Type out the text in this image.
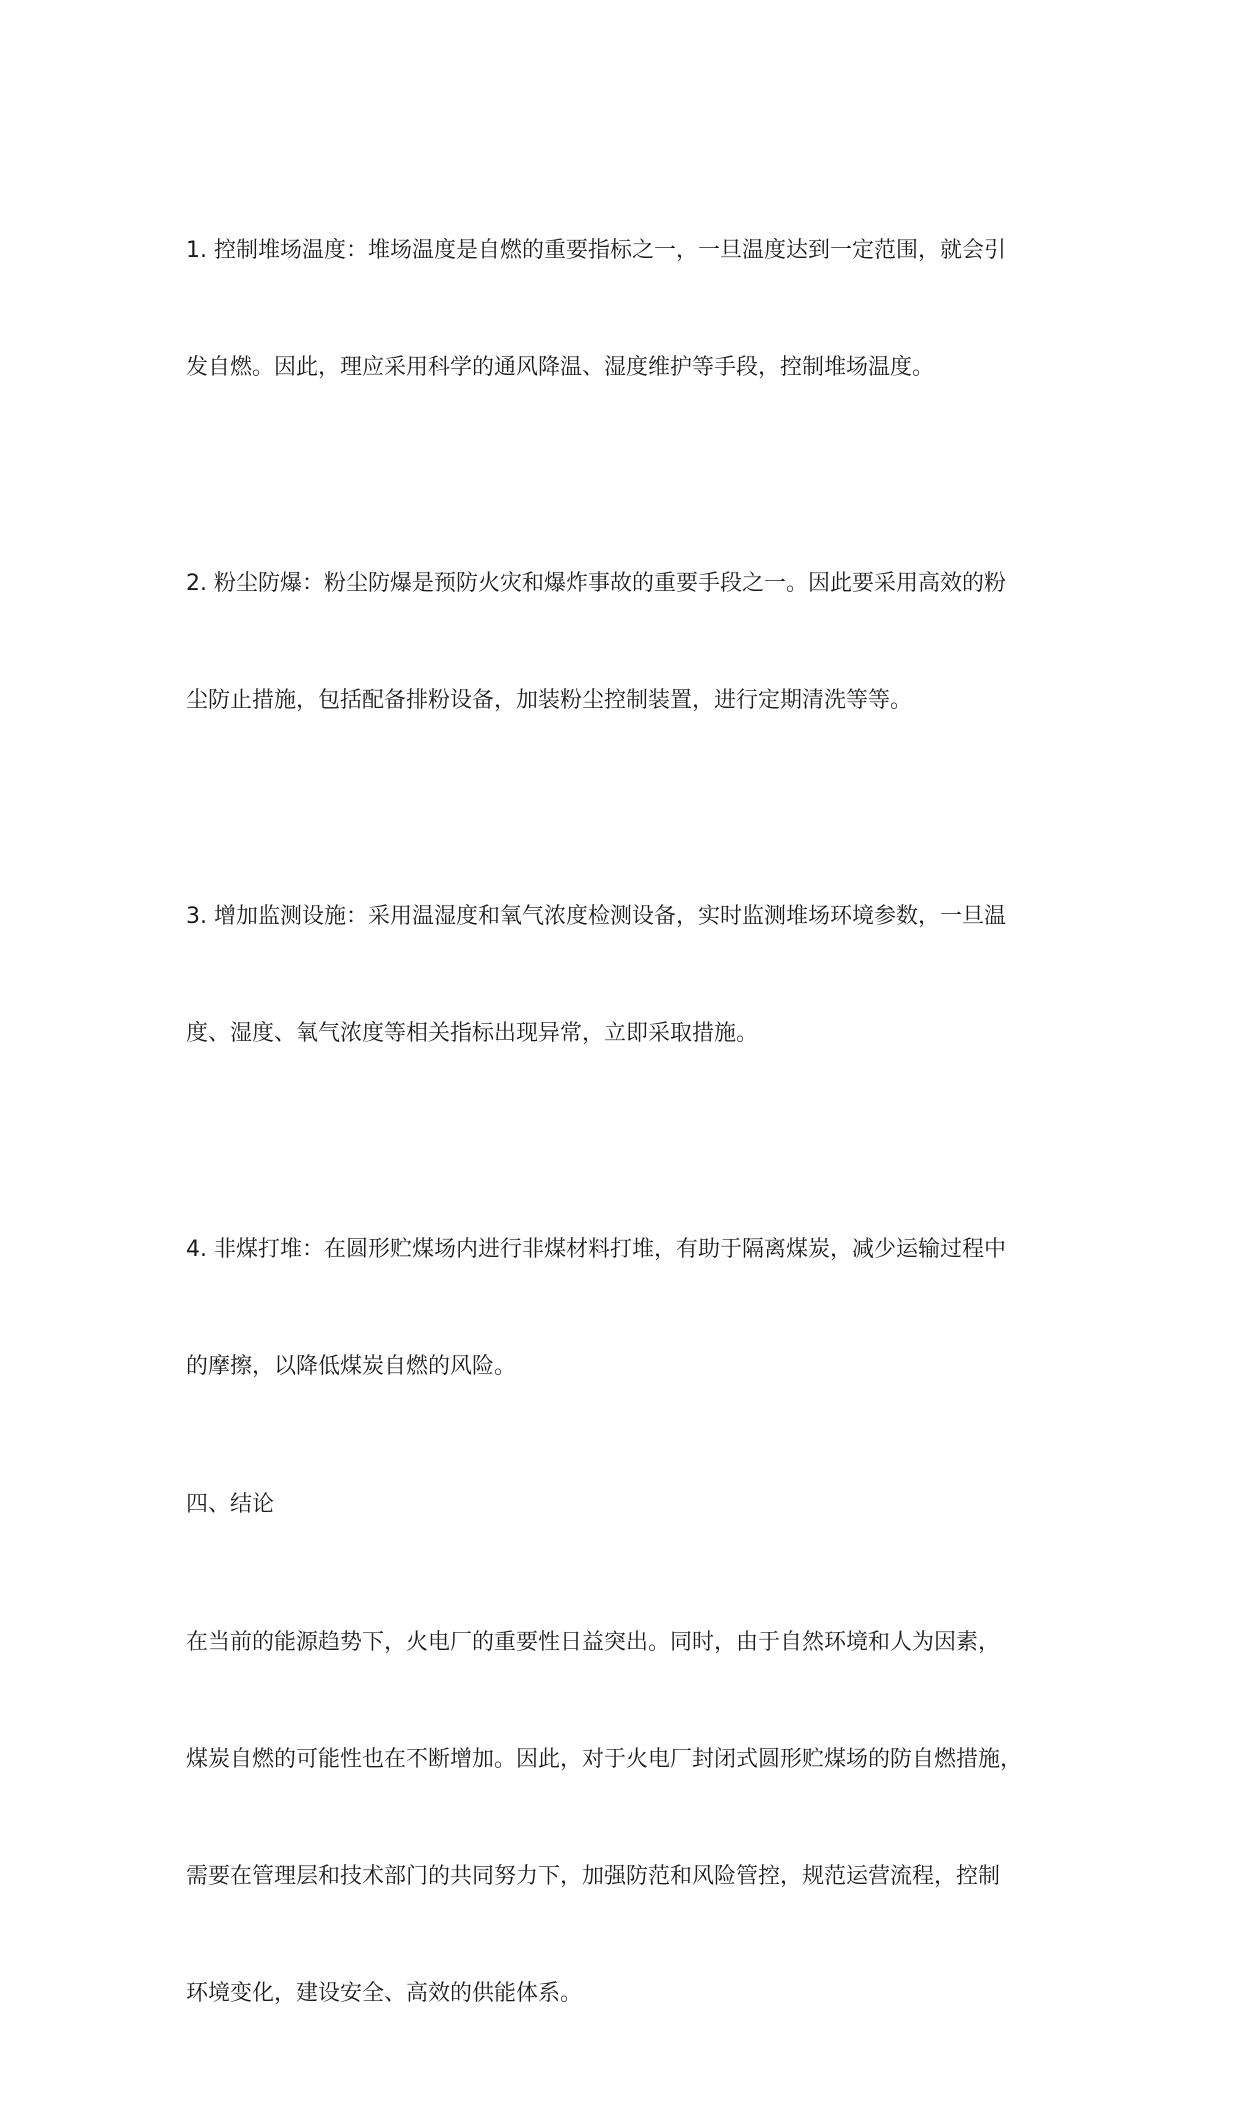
1. 控制堆场温度：堆场温度是自燃的重要指标之一，一旦温度达到一定范围，就会引

发自燃。因此，理应采用科学的通风降温、湿度维护等手段，控制堆场温度。

2. 粉尘防爆：粉尘防爆是预防火灾和爆炸事故的重要手段之一。因此要采用高效的粉

尘防止措施，包括配备排粉设备，加装粉尘控制装置，进行定期清洗等等。

3. 增加监测设施：采用温湿度和氧气浓度检测设备，实时监测堆场环境参数，一旦温

度、湿度、氧气浓度等相关指标出现异常，立即采取措施。

4. 非煤打堆：在圆形贮煤场内进行非煤材料打堆，有助于隔离煤炭，减少运输过程中

的摩擦，以降低煤炭自燃的风险。

四、结论

在当前的能源趋势下，火电厂的重要性日益突出。同时，由于自然环境和人为因素，

煤炭自燃的可能性也在不断增加。因此，对于火电厂封闭式圆形贮煤场的防自燃措施，

需要在管理层和技术部门的共同努力下，加强防范和风险管控，规范运营流程，控制

环境变化，建设安全、高效的供能体系。
